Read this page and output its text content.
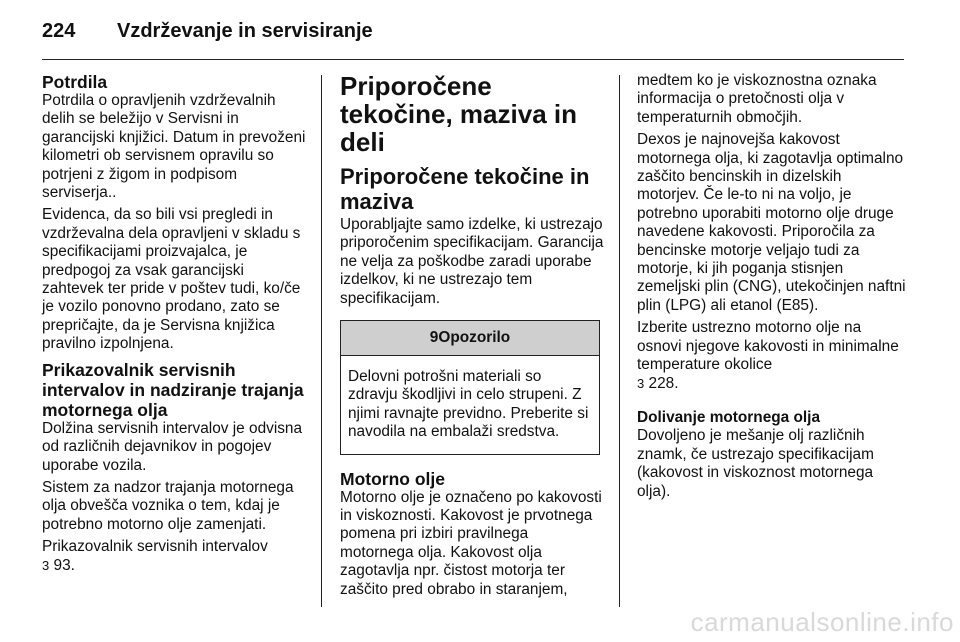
224 Vzdrževanje in servisiranje
Potrdila

Potrdila o opravljenih vzdrževalnih delih se beležijo v Servisni in garancijski knjižici. Datum in prevoženi kilometri ob servisnem opravilu so potrjeni z žigom in podpisom serviserja..

Evidenca, da so bili vsi pregledi in vzdrževalna dela opravljeni v skladu s specifikacijami proizvajalca, je predpogoj za vsak garancijski zahtevek ter pride v poštev tudi, ko/če je vozilo ponovno prodano, zato se prepričajte, da je Servisna knjižica pravilno izpolnjena.

Prikazovalnik servisnih intervalov in nadziranje trajanja motornega olja

Dolžina servisnih intervalov je odvisna od različnih dejavnikov in pogojev uporabe vozila.

Sistem za nadzor trajanja motornega olja obvešča voznika o tem, kdaj je potrebno motorno olje zamenjati.

Prikazovalnik servisnih intervalov
3 93.

Priporočene tekočine, maziva in deli
Priporočene tekočine in maziva

Uporabljajte samo izdelke, ki ustrezajo priporočenim specifikacijam. Garancija ne velja za poškodbe zaradi uporabe izdelkov, ki ne ustrezajo tem specifikacijam.

9Opozorilo

Delovni potrošni materiali so zdravju škodljivi in celo strupeni. Z njimi ravnajte previdno. Preberite si navodila na embalaži sredstva.

Motorno olje

Motorno olje je označeno po kakovosti in viskoznosti. Kakovost je prvotnega pomena pri izbiri pravilnega motornega olja. Kakovost olja zagotavlja npr. čistost motorja ter zaščito pred obrabo in staranjem,

medtem ko je viskoznostna oznaka informacija o pretočnosti olja v temperaturnih območjih.

Dexos je najnovejša kakovost motornega olja, ki zagotavlja optimalno zaščito bencinskih in dizelskih motorjev. Če le-to ni na voljo, je potrebno uporabiti motorno olje druge navedene kakovosti. Priporočila za bencinske motorje veljajo tudi za motorje, ki jih poganja stisnjen zemeljski plin (CNG), utekočinjen naftni plin (LPG) ali etanol (E85).

Izberite ustrezno motorno olje na osnovi njegove kakovosti in minimalne temperature okolice
3 228.

Dolivanje motornega olja

Dovoljeno je mešanje olj različnih znamk, če ustrezajo specifikacijam (kakovost in viskoznost motornega olja).

carmanualsonline.info
